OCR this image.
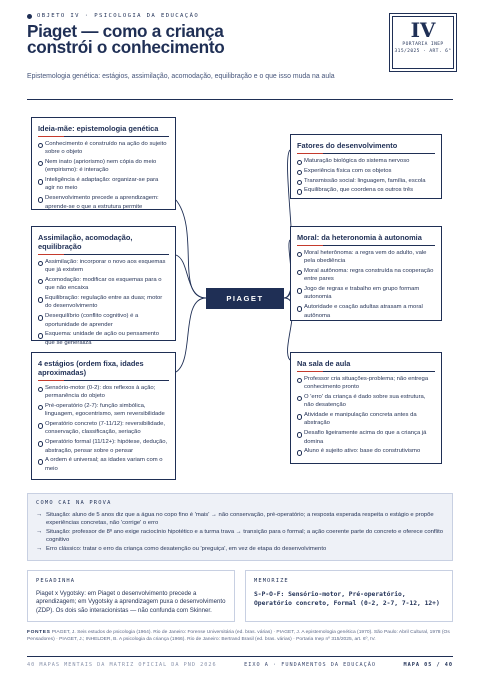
OBJETO IV · PSICOLOGIA DA EDUCAÇÃO
Piaget — como a criança
constrói o conhecimento
Epistemologia genética: estágios, assimilação, acomodação, equilibração e o que isso muda na aula
IV
PORTARIA INEP
315/2025 · ART. 6°
Ideia-mãe: epistemologia genética
Conhecimento é construído na ação do sujeito sobre o objeto
Nem inato (apriorismo) nem cópia do meio (empirismo): é interação
Inteligência é adaptação: organizar-se para agir no meio
Desenvolvimento precede a aprendizagem: aprende-se o que a estrutura permite
Assimilação, acomodação, equilibração
Assimilação: incorporar o novo aos esquemas que já existem
Acomodação: modificar os esquemas para o que não encaixa
Equilibração: regulação entre as duas; motor do desenvolvimento
Desequilíbrio (conflito cognitivo) é a oportunidade de aprender
Esquema: unidade de ação ou pensamento que se generaliza
4 estágios (ordem fixa, idades aproximadas)
Sensório-motor (0-2): dos reflexos à ação; permanência do objeto
Pré-operatório (2-7): função simbólica, linguagem, egocentrismo, sem reversibilidade
Operatório concreto (7-11/12): reversibilidade, conservação, classificação, seriação
Operatório formal (11/12+): hipótese, dedução, abstração, pensar sobre o pensar
A ordem é universal; as idades variam com o meio
PIAGET
Fatores do desenvolvimento
Maturação biológica do sistema nervoso
Experiência física com os objetos
Transmissão social: linguagem, família, escola
Equilibração, que coordena os outros três
Moral: da heteronomia à autonomia
Moral heterônoma: a regra vem do adulto, vale pela obediência
Moral autônoma: regra construída na cooperação entre pares
Jogo de regras e trabalho em grupo formam autonomia
Autoridade e coação adultas atrasam a moral autônoma
Na sala de aula
Professor cria situações-problema; não entrega conhecimento pronto
O 'erro' da criança é dado sobre sua estrutura, não desatenção
Atividade e manipulação concreta antes da abstração
Desafio ligeiramente acima do que a criança já domina
Aluno é sujeito ativo: base do construtivismo
COMO CAI NA PROVA

→ Situação: aluno de 5 anos diz que a água no copo fino é 'mais' → não conservação, pré-operatório; a resposta esperada respeita o estágio e propõe experiências concretas, não 'corrige' o erro

→ Situação: professor de 8º ano exige raciocínio hipotético e a turma trava → transição para o formal; a ação coerente parte do concreto e oferece conflito cognitivo

→ Erro clássico: tratar o erro da criança como desatenção ou 'preguiça', em vez de etapa do desenvolvimento

PEGADINHA
Piaget x Vygotsky: em Piaget o desenvolvimento precede a aprendizagem; em Vygotsky a aprendizagem puxa o desenvolvimento (ZDP). Os dois são interacionistas — não confunda com Skinner.
MEMORIZE
S-P-O-F: Sensório-motor, Pré-operatório, Operatório concreto, Formal (0-2, 2-7, 7-12, 12+)
FONTES PIAGET, J. Seis estudos de psicologia (1964). Rio de Janeiro: Forense Universitária (ed. bras. várias) · PIAGET, J. A epistemologia genética (1970). São Paulo: Abril Cultural, 1978 (Os Pensadores) · PIAGET, J.; INHELDER, B. A psicologia da criança (1966). Rio de Janeiro: Bertrand Brasil (ed. bras. várias) · Portaria Inep nº 315/2025, art. 6º, IV.
40 MAPAS MENTAIS DA MATRIZ OFICIAL DA PND 2026	EIXO A · FUNDAMENTOS DA EDUCAÇÃO	MAPA 05 / 40
